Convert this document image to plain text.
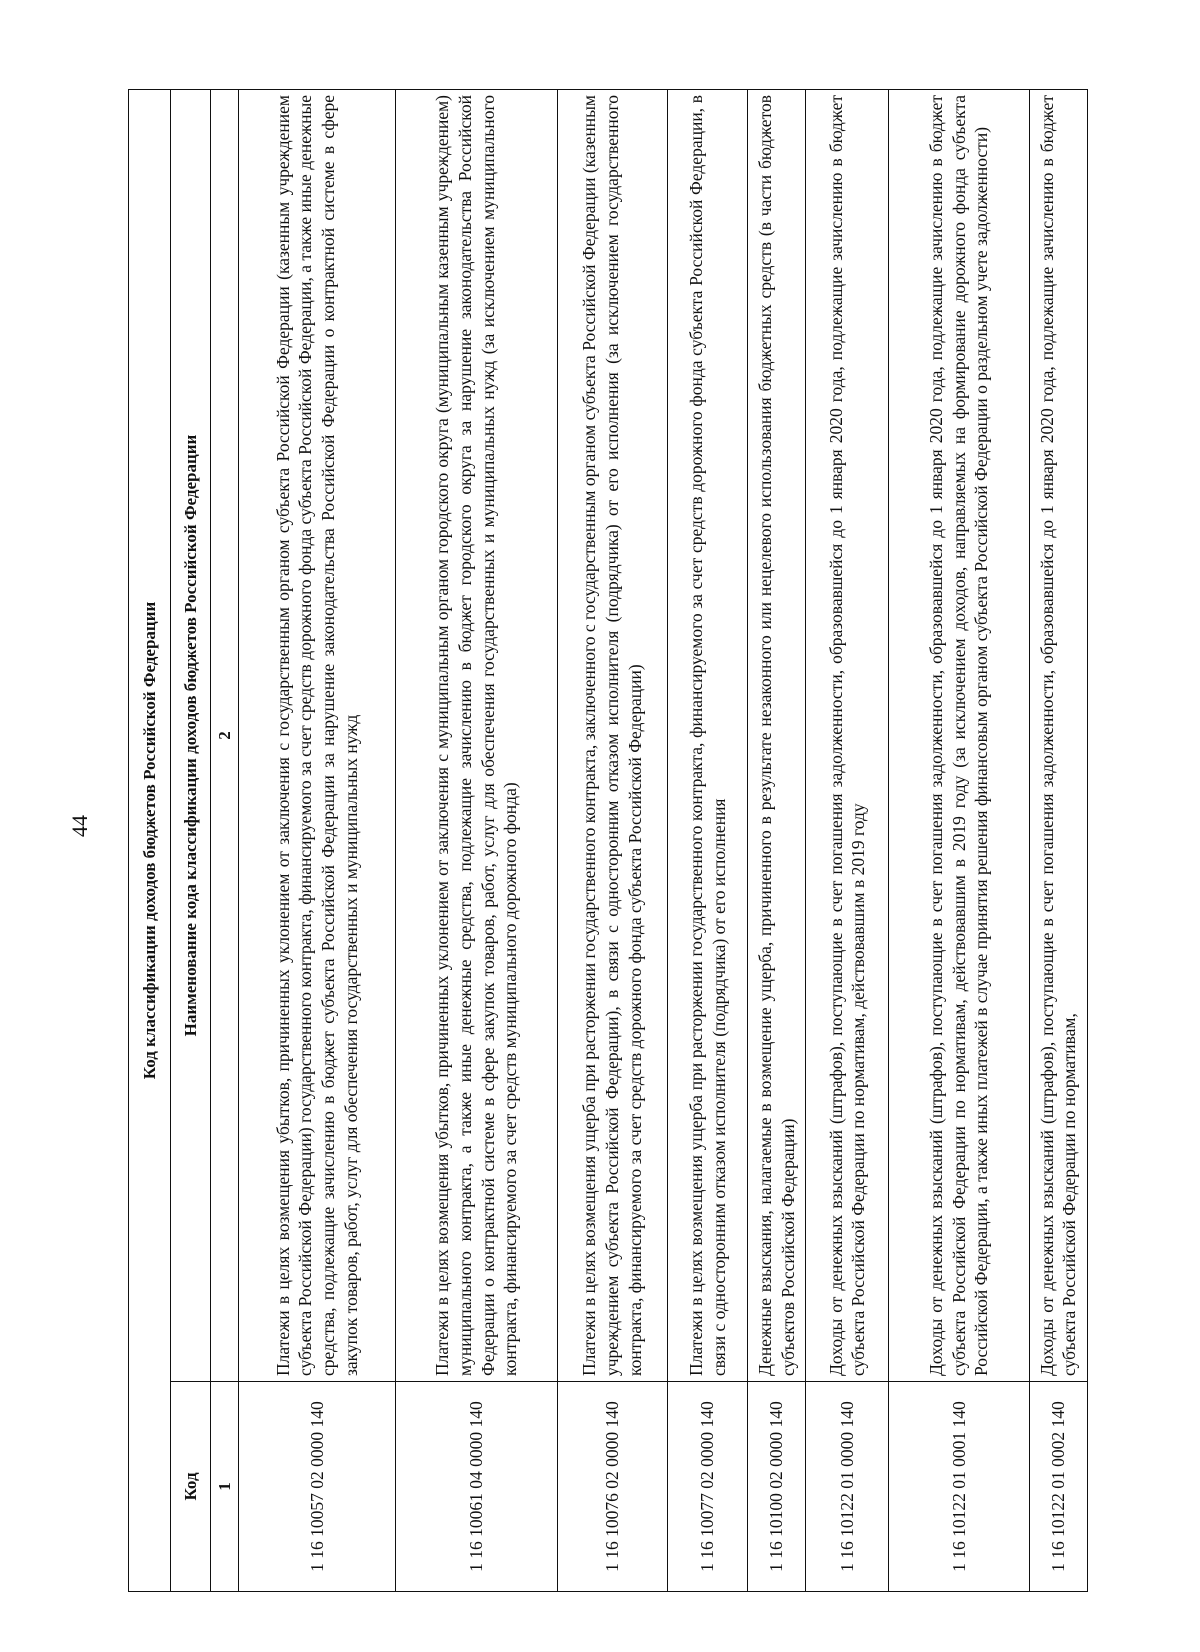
44	Код классификации доходов бюджетов Российской Федерации	
Код	Наименование кода классификации доходов бюджетов Российской Федерации
1	2
1 16 10057 02 0000 140	Платежи в целях возмещения убытков, причиненных уклонением от заключения с государственным органом субъекта Российской Федерации (казенным учреждением субъекта Российской Федерации) государственного контракта, финансируемого за счет средств дорожного фонда субъекта Российской Федерации, а также иные денежные средства, подлежащие зачислению в бюджет субъекта Российской Федерации за нарушение законодательства Российской Федерации о контрактной системе в сфере закупок товаров, работ, услуг для обеспечения государственных и муниципальных нужд
1 16 10061 04 0000 140	Платежи в целях возмещения убытков, причиненных уклонением от заключения с муниципальным органом городского округа (муниципальным казенным учреждением) муниципального контракта, а также иные денежные средства, подлежащие зачислению в бюджет городского округа за нарушение законодательства Российской Федерации о контрактной системе в сфере закупок товаров, работ, услуг для обеспечения государственных и муниципальных нужд (за исключением муниципального контракта, финансируемого за счет средств муниципального дорожного фонда)
1 16 10076 02 0000 140	Платежи в целях возмещения ущерба при расторжении государственного контракта, заключенного с государственным органом субъекта Российской Федерации (казенным учреждением субъекта Российской Федерации), в связи с односторонним отказом исполнителя (подрядчика) от его исполнения (за исключением государственного контракта, финансируемого за счет средств дорожного фонда субъекта Российской Федерации)
1 16 10077 02 0000 140	Платежи в целях возмещения ущерба при расторжении государственного контракта, финансируемого за счет средств дорожного фонда субъекта Российской Федерации, в связи с односторонним отказом исполнителя (подрядчика) от его исполнения
1 16 10100 02 0000 140	Денежные взыскания, налагаемые в возмещение ущерба, причиненного в результате незаконного или нецелевого использования бюджетных средств (в части бюджетов субъектов Российской Федерации)
1 16 10122 01 0000 140	Доходы от денежных взысканий (штрафов), поступающие в счет погашения задолженности, образовавшейся до 1 января 2020 года, подлежащие зачислению в бюджет субъекта Российской Федерации по нормативам, действовавшим в 2019 году
1 16 10122 01 0001 140	Доходы от денежных взысканий (штрафов), поступающие в счет погашения задолженности, образовавшейся до 1 января 2020 года, подлежащие зачислению в бюджет субъекта Российской Федерации по нормативам, действовавшим в 2019 году (за исключением доходов, направляемых на формирование дорожного фонда субъекта Российской Федерации, а также иных платежей в случае принятия решения финансовым органом субъекта Российской Федерации о раздельном учете задолженности)
1 16 10122 01 0002 140	Доходы от денежных взысканий (штрафов), поступающие в счет погашения задолженности, образовавшейся до 1 января 2020 года, подлежащие зачислению в бюджет субъекта Российской Федерации по нормативам,
